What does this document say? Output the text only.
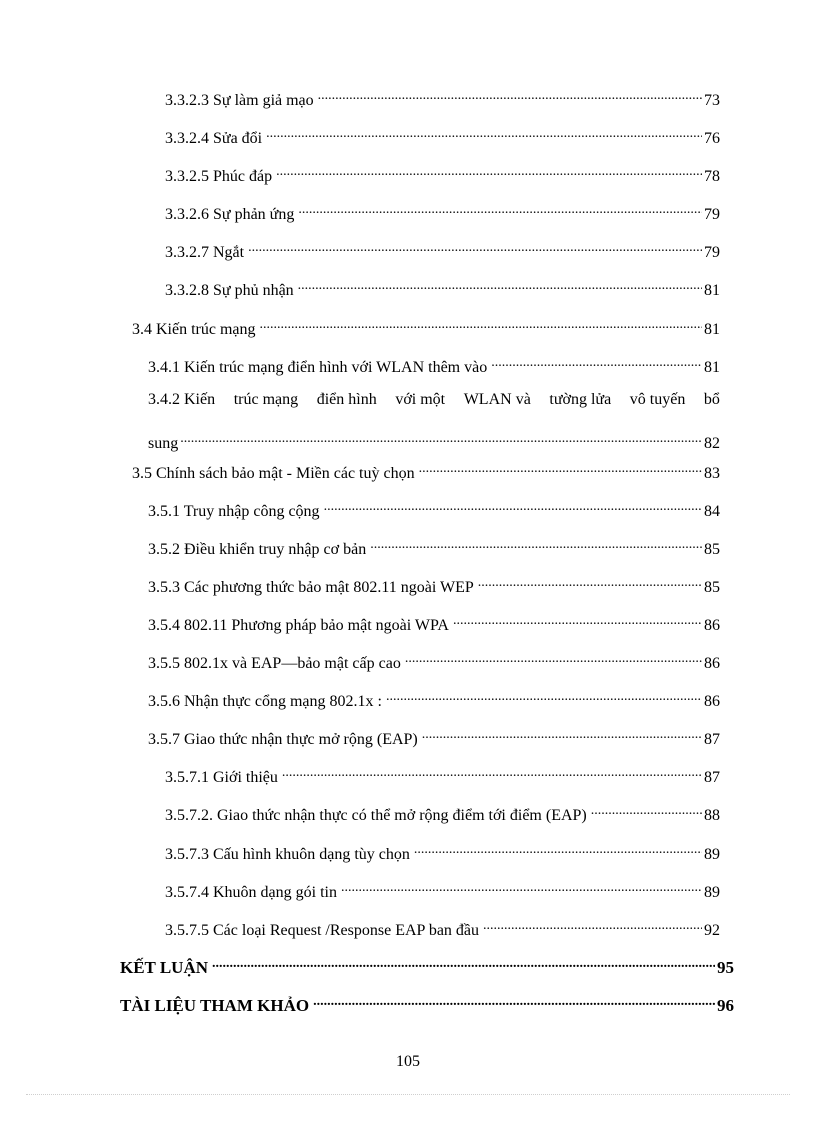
3.3.2.3 Sự làm giả mạo .....	73
3.3.2.4 Sửa đổi .....	76
3.3.2.5 Phúc đáp .....	78
3.3.2.6 Sự phản ứng .....	79
3.3.2.7 Ngắt .....	79
3.3.2.8 Sự phủ nhận .....	81
3.4 Kiến trúc mạng .....	81
3.4.1 Kiến trúc mạng điển hình với WLAN thêm vào .....	81
3.4.2 Kiến trúc mạng điển hình với một WLAN và tường lửa vô tuyến bổ
sung .....	82
3.5 Chính sách bảo mật - Miền các tuỳ chọn .....	83
3.5.1 Truy nhập công cộng .....	84
3.5.2 Điều khiển truy nhập cơ bản .....	85
3.5.3 Các phương thức bảo mật 802.11 ngoài WEP .....	85
3.5.4 802.11 Phương pháp bảo mật ngoài WPA .....	86
3.5.5 802.1x và EAP—bảo mật cấp cao .....	86
3.5.6 Nhận thực cổng mạng 802.1x : .....	86
3.5.7 Giao thức nhận thực mở rộng (EAP) .....	87
3.5.7.1 Giới thiệu .....	87
3.5.7.2. Giao thức nhận thực có thể mở rộng điểm tới điểm (EAP) .....	88
3.5.7.3 Cấu hình khuôn dạng tùy chọn .....	89
3.5.7.4 Khuôn dạng gói tin .....	89
3.5.7.5 Các loại Request /Response EAP ban đầu .....	92
KẾT LUẬN .....	95
TÀI LIỆU THAM KHẢO .....	96
105
